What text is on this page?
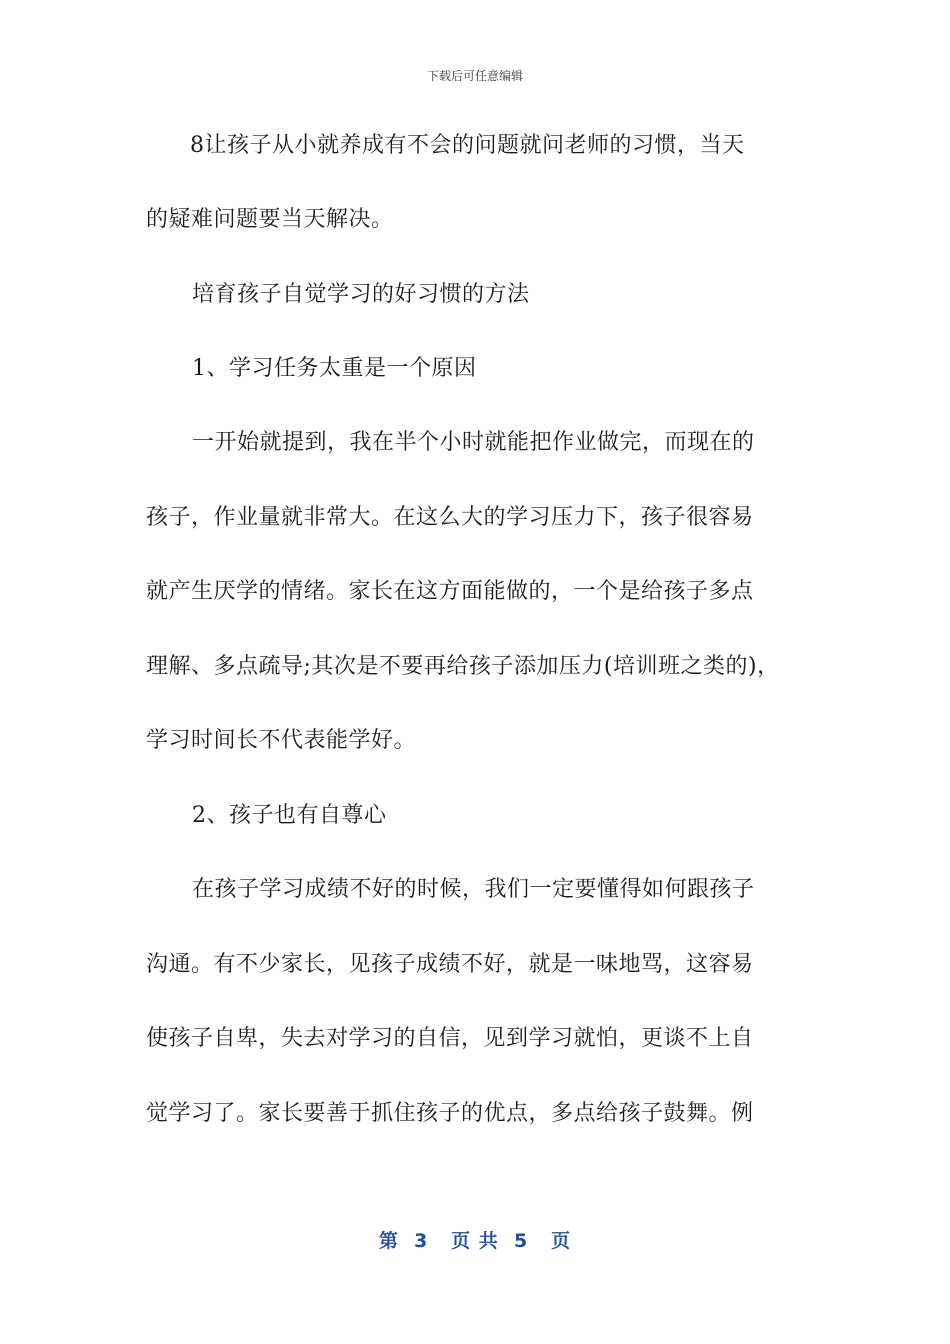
下载后可任意编辑
8让孩子从小就养成有不会的问题就问老师的习惯，当天
的疑难问题要当天解决。
培育孩子自觉学习的好习惯的方法
1、学习任务太重是一个原因
一开始就提到，我在半个小时就能把作业做完，而现在的
孩子，作业量就非常大。在这么大的学习压力下，孩子很容易
就产生厌学的情绪。家长在这方面能做的，一个是给孩子多点
理解、多点疏导;其次是不要再给孩子添加压力(培训班之类的)，
学习时间长不代表能学好。
2、孩子也有自尊心
在孩子学习成绩不好的时候，我们一定要懂得如何跟孩子
沟通。有不少家长，见孩子成绩不好，就是一味地骂，这容易
使孩子自卑，失去对学习的自信，见到学习就怕，更谈不上自
觉学习了。家长要善于抓住孩子的优点，多点给孩子鼓舞。例
第  3   页 共  5   页
